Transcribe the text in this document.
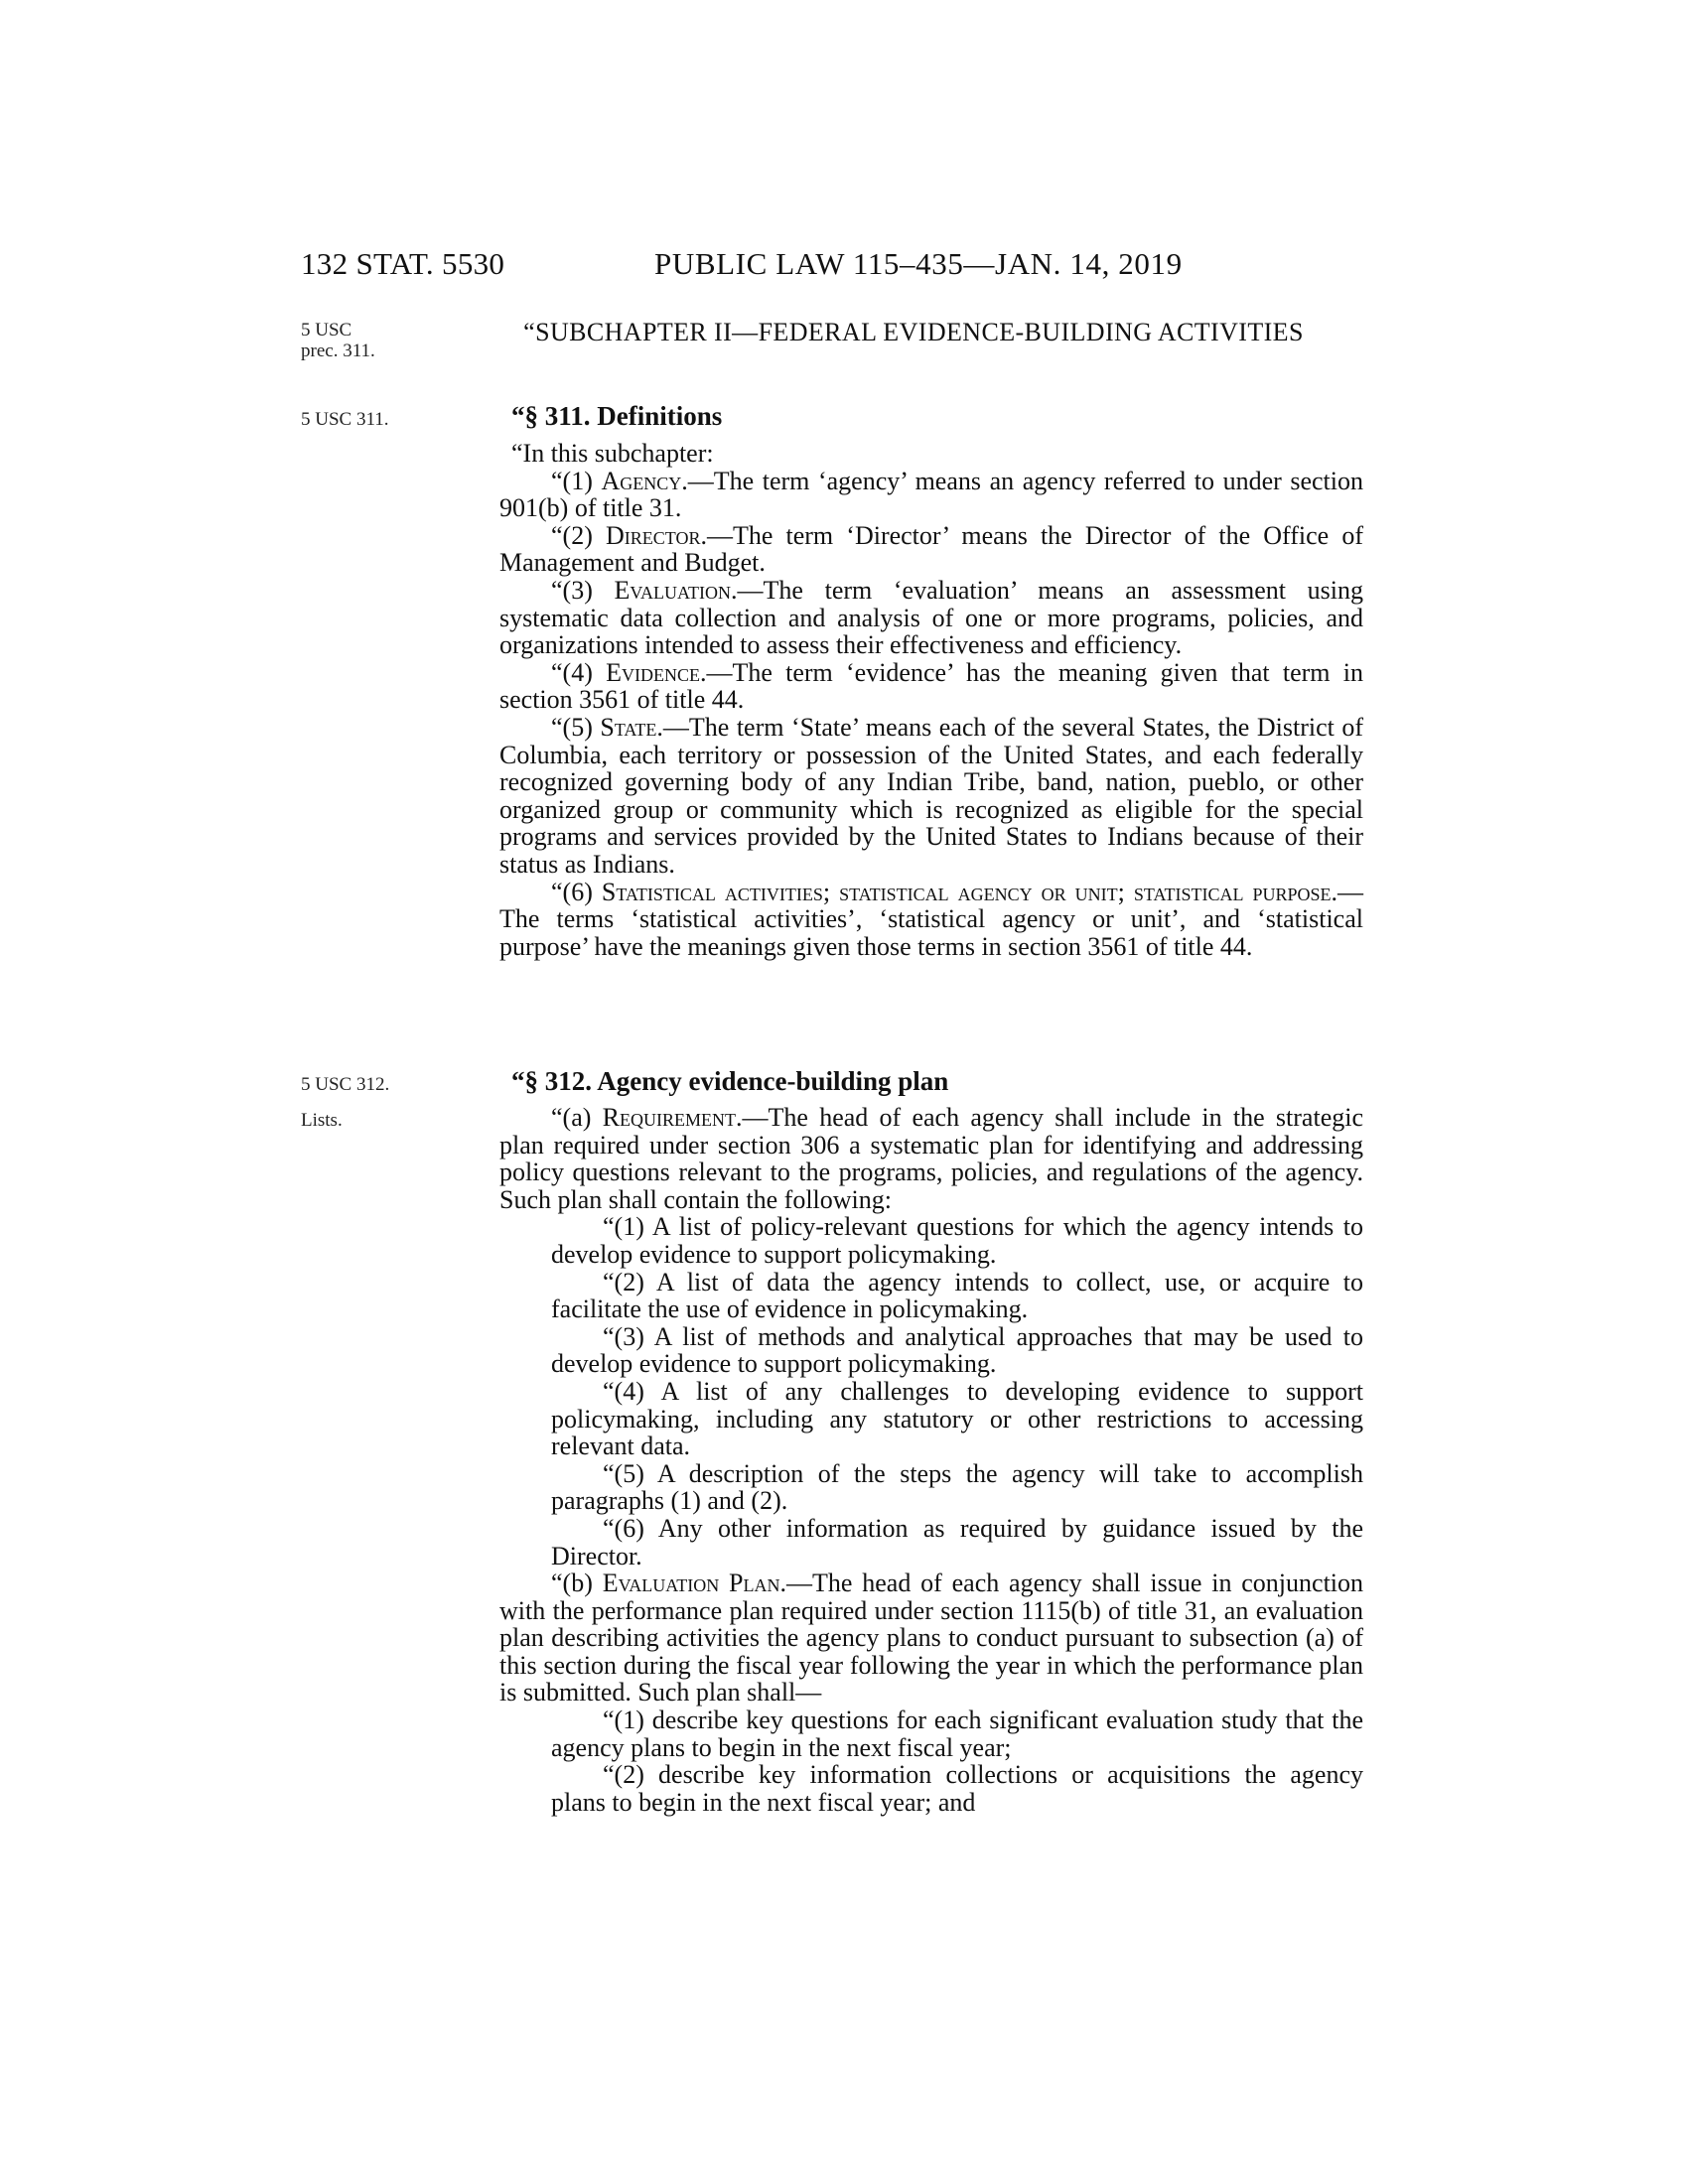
132 STAT. 5530	PUBLIC LAW 115–435—JAN. 14, 2019
5 USC
prec. 311.
“SUBCHAPTER II—FEDERAL EVIDENCE-BUILDING ACTIVITIES
5 USC 311.	“§ 311. Definitions

“In this subchapter:

“(1) Agency.—The term ‘agency’ means an agency referred to under section 901(b) of title 31.

“(2) Director.—The term ‘Director’ means the Director of the Office of Management and Budget.

“(3) Evaluation.—The term ‘evaluation’ means an assessment using systematic data collection and analysis of one or more programs, policies, and organizations intended to assess their effectiveness and efficiency.

“(4) Evidence.—The term ‘evidence’ has the meaning given that term in section 3561 of title 44.

“(5) State.—The term ‘State’ means each of the several States, the District of Columbia, each territory or possession of the United States, and each federally recognized governing body of any Indian Tribe, band, nation, pueblo, or other organized group or community which is recognized as eligible for the special programs and services provided by the United States to Indians because of their status as Indians.

“(6) Statistical activities; statistical agency or unit; statistical purpose.—The terms ‘statistical activities’, ‘statistical agency or unit’, and ‘statistical purpose’ have the meanings given those terms in section 3561 of title 44.

5 USC 312.
Lists.
“§ 312. Agency evidence-building plan

“(a) Requirement.—The head of each agency shall include in the strategic plan required under section 306 a systematic plan for identifying and addressing policy questions relevant to the programs, policies, and regulations of the agency. Such plan shall contain the following:

“(1) A list of policy-relevant questions for which the agency intends to develop evidence to support policymaking.

“(2) A list of data the agency intends to collect, use, or acquire to facilitate the use of evidence in policymaking.

“(3) A list of methods and analytical approaches that may be used to develop evidence to support policymaking.

“(4) A list of any challenges to developing evidence to support policymaking, including any statutory or other restrictions to accessing relevant data.

“(5) A description of the steps the agency will take to accomplish paragraphs (1) and (2).

“(6) Any other information as required by guidance issued by the Director.

“(b) Evaluation Plan.—The head of each agency shall issue in conjunction with the performance plan required under section 1115(b) of title 31, an evaluation plan describing activities the agency plans to conduct pursuant to subsection (a) of this section during the fiscal year following the year in which the performance plan is submitted. Such plan shall—

“(1) describe key questions for each significant evaluation study that the agency plans to begin in the next fiscal year;

“(2) describe key information collections or acquisitions the agency plans to begin in the next fiscal year; and
